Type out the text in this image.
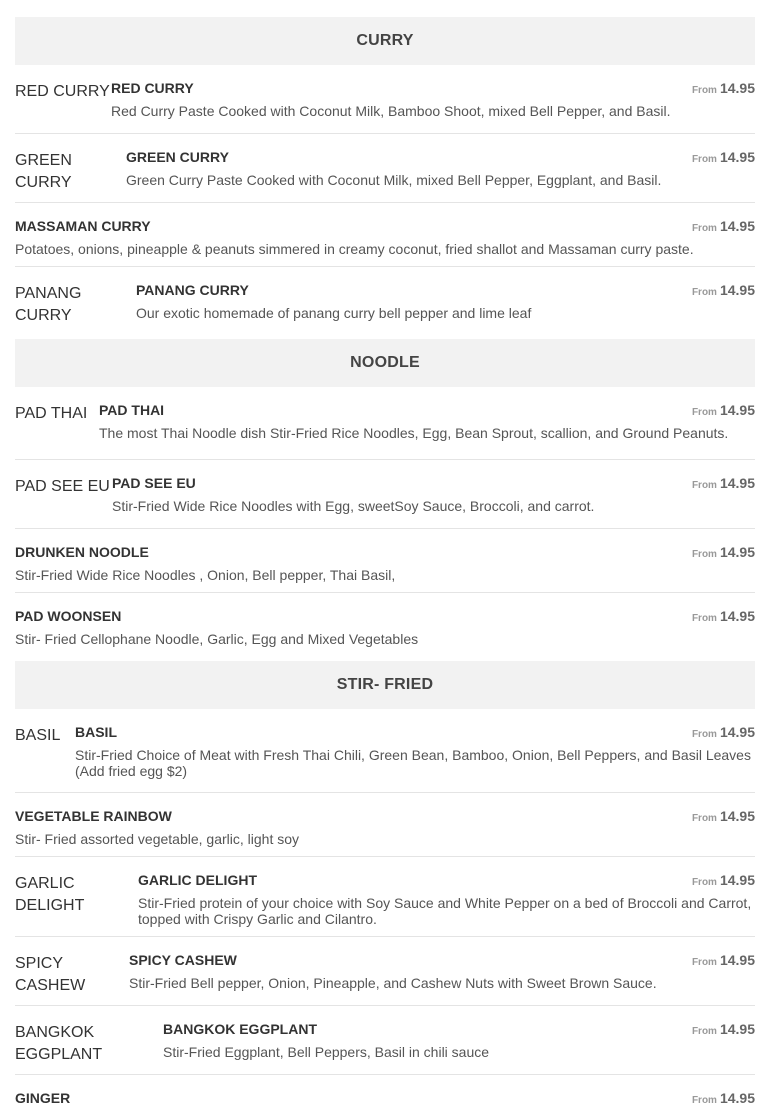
CURRY
RED CURRY RED CURRY	From 14.95
Red Curry Paste Cooked with Coconut Milk, Bamboo Shoot, mixed Bell Pepper, and Basil.
GREEN CURRY
GREEN CURRY	From 14.95
Green Curry Paste Cooked with Coconut Milk, mixed Bell Pepper, Eggplant, and Basil.
MASSAMAN CURRY	From 14.95
Potatoes, onions, pineapple & peanuts simmered in creamy coconut, fried shallot and Massaman curry paste.
PANANG CURRY
PANANG CURRY	From 14.95
Our exotic homemade of panang curry bell pepper and lime leaf
NOODLE
PAD THAI PAD THAI	From 14.95
The most Thai Noodle dish Stir-Fried Rice Noodles, Egg, Bean Sprout, scallion, and Ground Peanuts.
PAD SEE EU PAD SEE EU	From 14.95
Stir-Fried Wide Rice Noodles with Egg, sweetSoy Sauce, Broccoli, and carrot.
DRUNKEN NOODLE	From 14.95
Stir-Fried Wide Rice Noodles , Onion, Bell pepper, Thai Basil,
PAD WOONSEN	From 14.95
Stir- Fried Cellophane Noodle, Garlic, Egg and Mixed Vegetables
STIR- FRIED
BASIL	BASIL	From 14.95
Stir-Fried Choice of Meat with Fresh Thai Chili, Green Bean, Bamboo, Onion, Bell Peppers, and Basil Leaves (Add fried egg $2)
VEGETABLE RAINBOW	From 14.95
Stir- Fried assorted vegetable, garlic, light soy
GARLIC DELIGHT
GARLIC DELIGHT	From 14.95
Stir-Fried protein of your choice with Soy Sauce and White Pepper on a bed of Broccoli and Carrot, topped with Crispy Garlic and Cilantro.
SPICY CASHEW
SPICY CASHEW	From 14.95
Stir-Fried Bell pepper, Onion, Pineapple, and Cashew Nuts with Sweet Brown Sauce.
BANGKOK EGGPLANT
BANGKOK EGGPLANT	From 14.95
Stir-Fried Eggplant, Bell Peppers, Basil in chili sauce
GINGER	From 14.95
